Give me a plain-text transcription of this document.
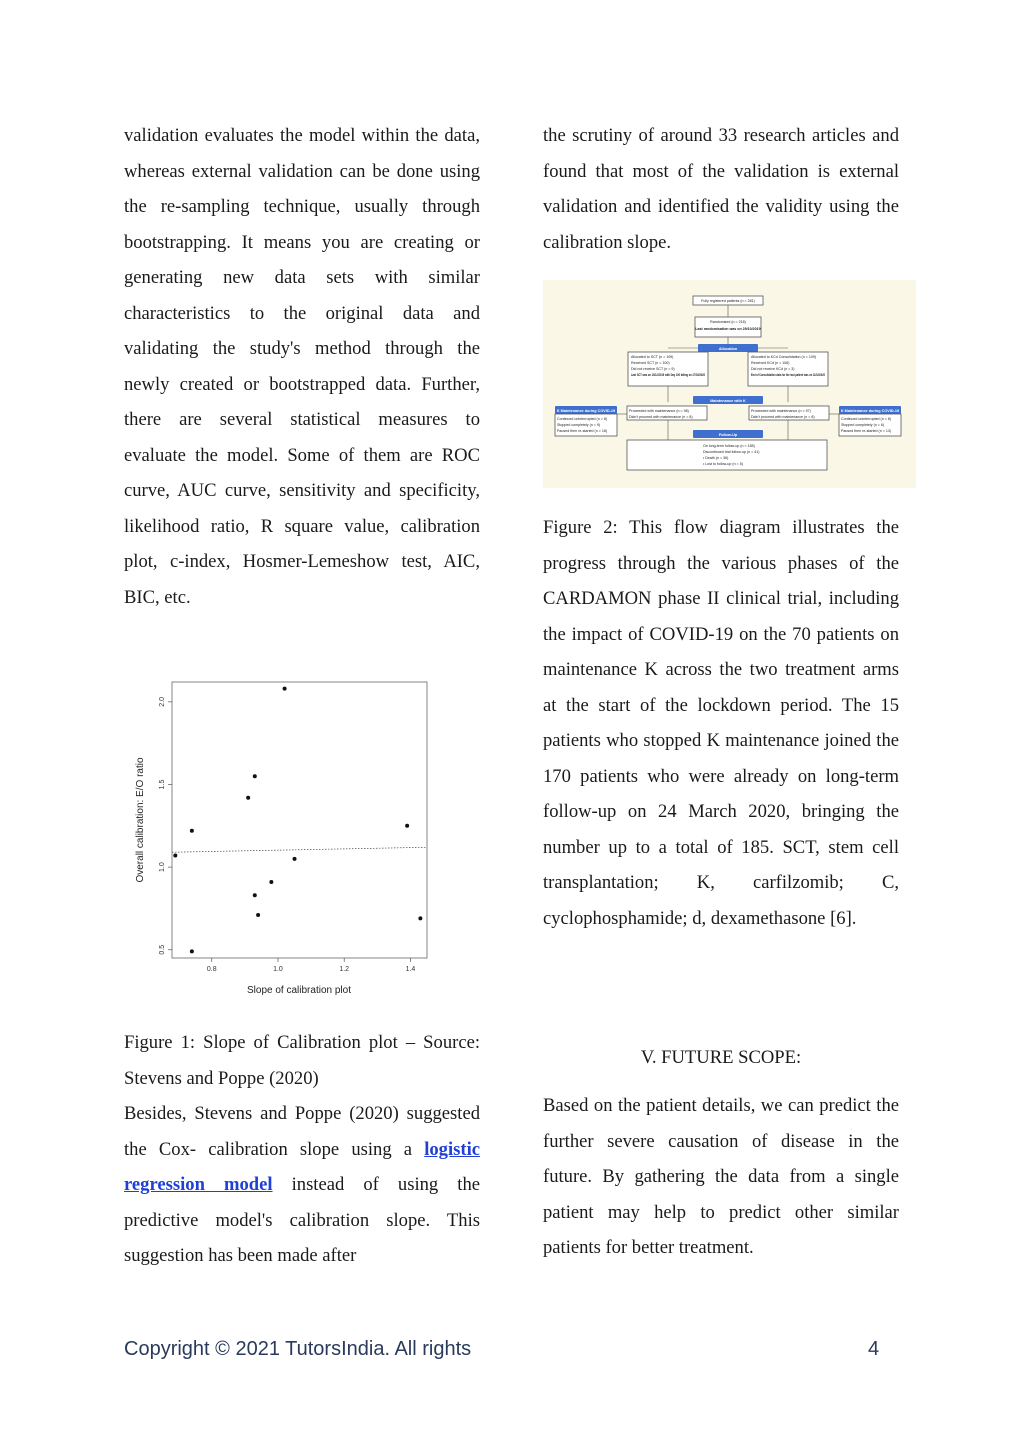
validation evaluates the model within the data, whereas external validation can be done using the re-sampling technique, usually through bootstrapping. It means you are creating or generating new data sets with similar characteristics to the original data and validating the study's method through the newly created or bootstrapped data. Further, there are several statistical measures to evaluate the model. Some of them are ROC curve, AUC curve, sensitivity and specificity, likelihood ratio, R square value, calibration plot, c-index, Hosmer-Lemeshow test, AIC, BIC, etc.

0.8	1.0	1.2	1.4
0.5
1.0
1.5
2.0
Slope of calibration plot
Overall calibration: E/O ratio

Figure 1: Slope of Calibration plot – Source: Stevens and Poppe (2020)

Besides, Stevens and Poppe (2020) suggested the Cox- calibration slope using a logistic regression model instead of using the predictive model's calibration slope. This suggestion has been made after

the scrutiny of around 33 research articles and found that most of the validation is external validation and identified the validity using the calibration slope.

Fully registered patients (n = 281)
Randomised (n = 218)
Last randomisation was on 29/10/2019
Allocation
Allocated to SCT (n = 109)
Received SCT (n = 100)
Did not receive SCT (n = 9)
Last SCT was on 16/12/2019 with Day 100 falling on 27/03/2020
Allocated to KCd Consolidation (n = 109)
Received KCd (n = 106)
Did not receive KCd (n = 3)
End of Consolidation data for the last patient was on 11/02/2020
Maintenance with K
K Maintenance during COVID-19
Continued uninterrupted (n = 8)
Stopped completely (n = 9)
Paused then re-started (n = 18)
Proceeded with maintenance (n = 98)
Didn't proceed with maintenance (n = 8)
Proceeded with maintenance (n = 97)
Didn't proceed with maintenance (n = 8)
K Maintenance during COVID-19
Continued uninterrupted (n = 6)
Stopped completely (n = 6)
Paused then re-started (n = 13)
Follow-Up
On long-term follow-up (n = 185)
Discontinued trial follow-up (n = 41)
• Death (n = 36)
• Lost to follow-up (n = 5)

Figure 2: This flow diagram illustrates the progress through the various phases of the CARDAMON phase II clinical trial, including the impact of COVID-19 on the 70 patients on maintenance K across the two treatment arms at the start of the lockdown period. The 15 patients who stopped K maintenance joined the 170 patients who were already on long-term follow-up on 24 March 2020, bringing the number up to a total of 185. SCT, stem cell transplantation; K, carfilzomib; C, cyclophosphamide; d, dexamethasone [6].

V. FUTURE SCOPE:

Based on the patient details, we can predict the further severe causation of disease in the future. By gathering the data from a single patient may help to predict other similar patients for better treatment.

Copyright © 2021 TutorsIndia. All rights	4
